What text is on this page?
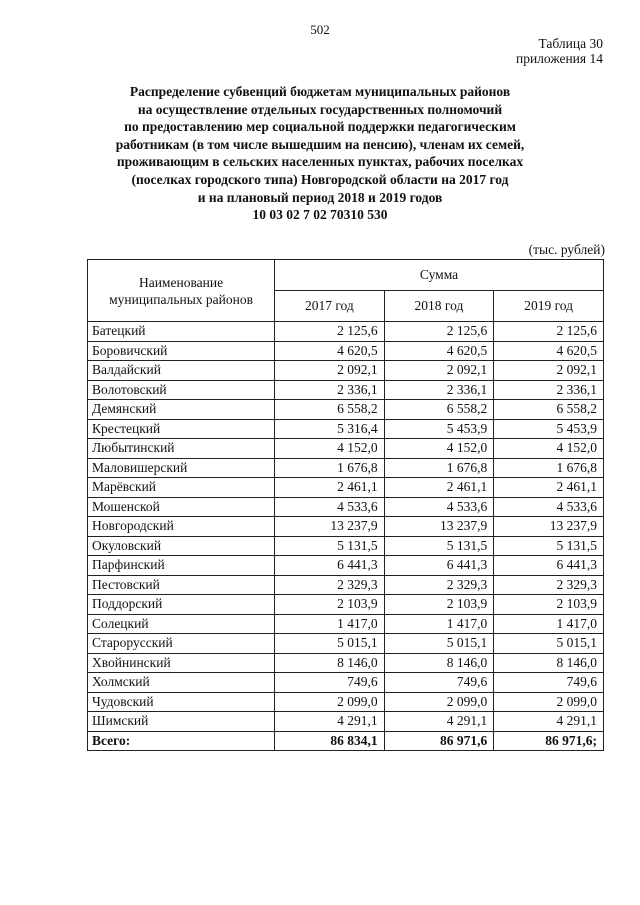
502
Таблица 30
приложения 14
Распределение субвенций бюджетам муниципальных районов
на осуществление отдельных государственных полномочий
по предоставлению мер социальной поддержки педагогическим
работникам (в том числе вышедшим на пенсию), членам их семей,
проживающим в сельских населенных пунктах, рабочих поселках
(поселках городского типа) Новгородской области на 2017 год
и на плановый период 2018 и 2019 годов
10 03 02 7 02 70310 530
(тыс. рублей)
Наименование
муниципальных районов	Сумма		
	2017 год	2018 год	2019 год
Батецкий	2 125,6	2 125,6	2 125,6
Боровичский	4 620,5	4 620,5	4 620,5
Валдайский	2 092,1	2 092,1	2 092,1
Волотовский	2 336,1	2 336,1	2 336,1
Демянский	6 558,2	6 558,2	6 558,2
Крестецкий	5 316,4	5 453,9	5 453,9
Любытинский	4 152,0	4 152,0	4 152,0
Маловишерский	1 676,8	1 676,8	1 676,8
Марёвский	2 461,1	2 461,1	2 461,1
Мошенской	4 533,6	4 533,6	4 533,6
Новгородский	13 237,9	13 237,9	13 237,9
Окуловский	5 131,5	5 131,5	5 131,5
Парфинский	6 441,3	6 441,3	6 441,3
Пестовский	2 329,3	2 329,3	2 329,3
Поддорский	2 103,9	2 103,9	2 103,9
Солецкий	1 417,0	1 417,0	1 417,0
Старорусский	5 015,1	5 015,1	5 015,1
Хвойнинский	8 146,0	8 146,0	8 146,0
Холмский	749,6	749,6	749,6
Чудовский	2 099,0	2 099,0	2 099,0
Шимский	4 291,1	4 291,1	4 291,1
Всего:	86 834,1	86 971,6	86 971,6;
